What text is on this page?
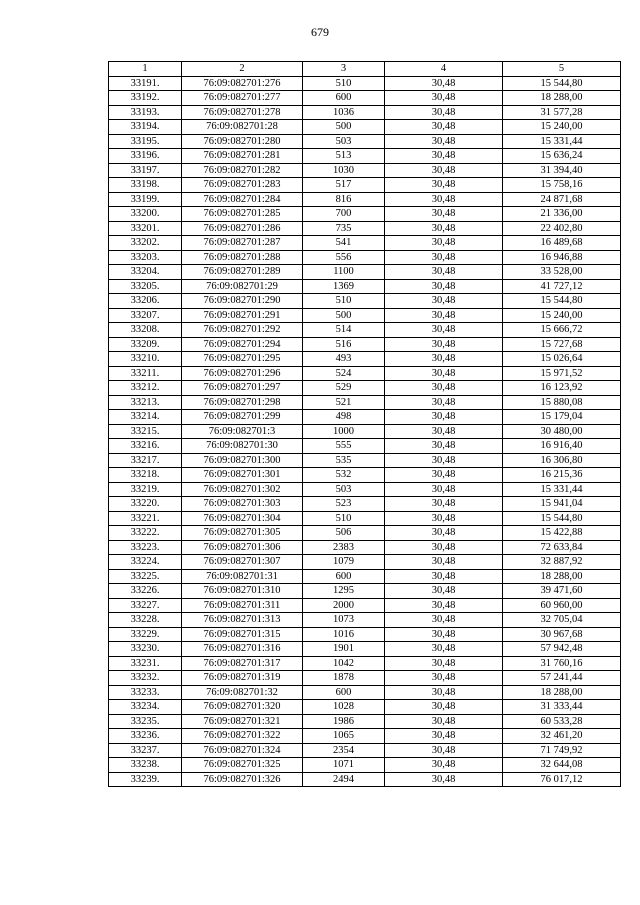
679
1	2	3	4	5
33191.	76:09:082701:276	510	30,48	15 544,80
33192.	76:09:082701:277	600	30,48	18 288,00
33193.	76:09:082701:278	1036	30,48	31 577,28
33194.	76:09:082701:28	500	30,48	15 240,00
33195.	76:09:082701:280	503	30,48	15 331,44
33196.	76:09:082701:281	513	30,48	15 636,24
33197.	76:09:082701:282	1030	30,48	31 394,40
33198.	76:09:082701:283	517	30,48	15 758,16
33199.	76:09:082701:284	816	30,48	24 871,68
33200.	76:09:082701:285	700	30,48	21 336,00
33201.	76:09:082701:286	735	30,48	22 402,80
33202.	76:09:082701:287	541	30,48	16 489,68
33203.	76:09:082701:288	556	30,48	16 946,88
33204.	76:09:082701:289	1100	30,48	33 528,00
33205.	76:09:082701:29	1369	30,48	41 727,12
33206.	76:09:082701:290	510	30,48	15 544,80
33207.	76:09:082701:291	500	30,48	15 240,00
33208.	76:09:082701:292	514	30,48	15 666,72
33209.	76:09:082701:294	516	30,48	15 727,68
33210.	76:09:082701:295	493	30,48	15 026,64
33211.	76:09:082701:296	524	30,48	15 971,52
33212.	76:09:082701:297	529	30,48	16 123,92
33213.	76:09:082701:298	521	30,48	15 880,08
33214.	76:09:082701:299	498	30,48	15 179,04
33215.	76:09:082701:3	1000	30,48	30 480,00
33216.	76:09:082701:30	555	30,48	16 916,40
33217.	76:09:082701:300	535	30,48	16 306,80
33218.	76:09:082701:301	532	30,48	16 215,36
33219.	76:09:082701:302	503	30,48	15 331,44
33220.	76:09:082701:303	523	30,48	15 941,04
33221.	76:09:082701:304	510	30,48	15 544,80
33222.	76:09:082701:305	506	30,48	15 422,88
33223.	76:09:082701:306	2383	30,48	72 633,84
33224.	76:09:082701:307	1079	30,48	32 887,92
33225.	76:09:082701:31	600	30,48	18 288,00
33226.	76:09:082701:310	1295	30,48	39 471,60
33227.	76:09:082701:311	2000	30,48	60 960,00
33228.	76:09:082701:313	1073	30,48	32 705,04
33229.	76:09:082701:315	1016	30,48	30 967,68
33230.	76:09:082701:316	1901	30,48	57 942,48
33231.	76:09:082701:317	1042	30,48	31 760,16
33232.	76:09:082701:319	1878	30,48	57 241,44
33233.	76:09:082701:32	600	30,48	18 288,00
33234.	76:09:082701:320	1028	30,48	31 333,44
33235.	76:09:082701:321	1986	30,48	60 533,28
33236.	76:09:082701:322	1065	30,48	32 461,20
33237.	76:09:082701:324	2354	30,48	71 749,92
33238.	76:09:082701:325	1071	30,48	32 644,08
33239.	76:09:082701:326	2494	30,48	76 017,12
